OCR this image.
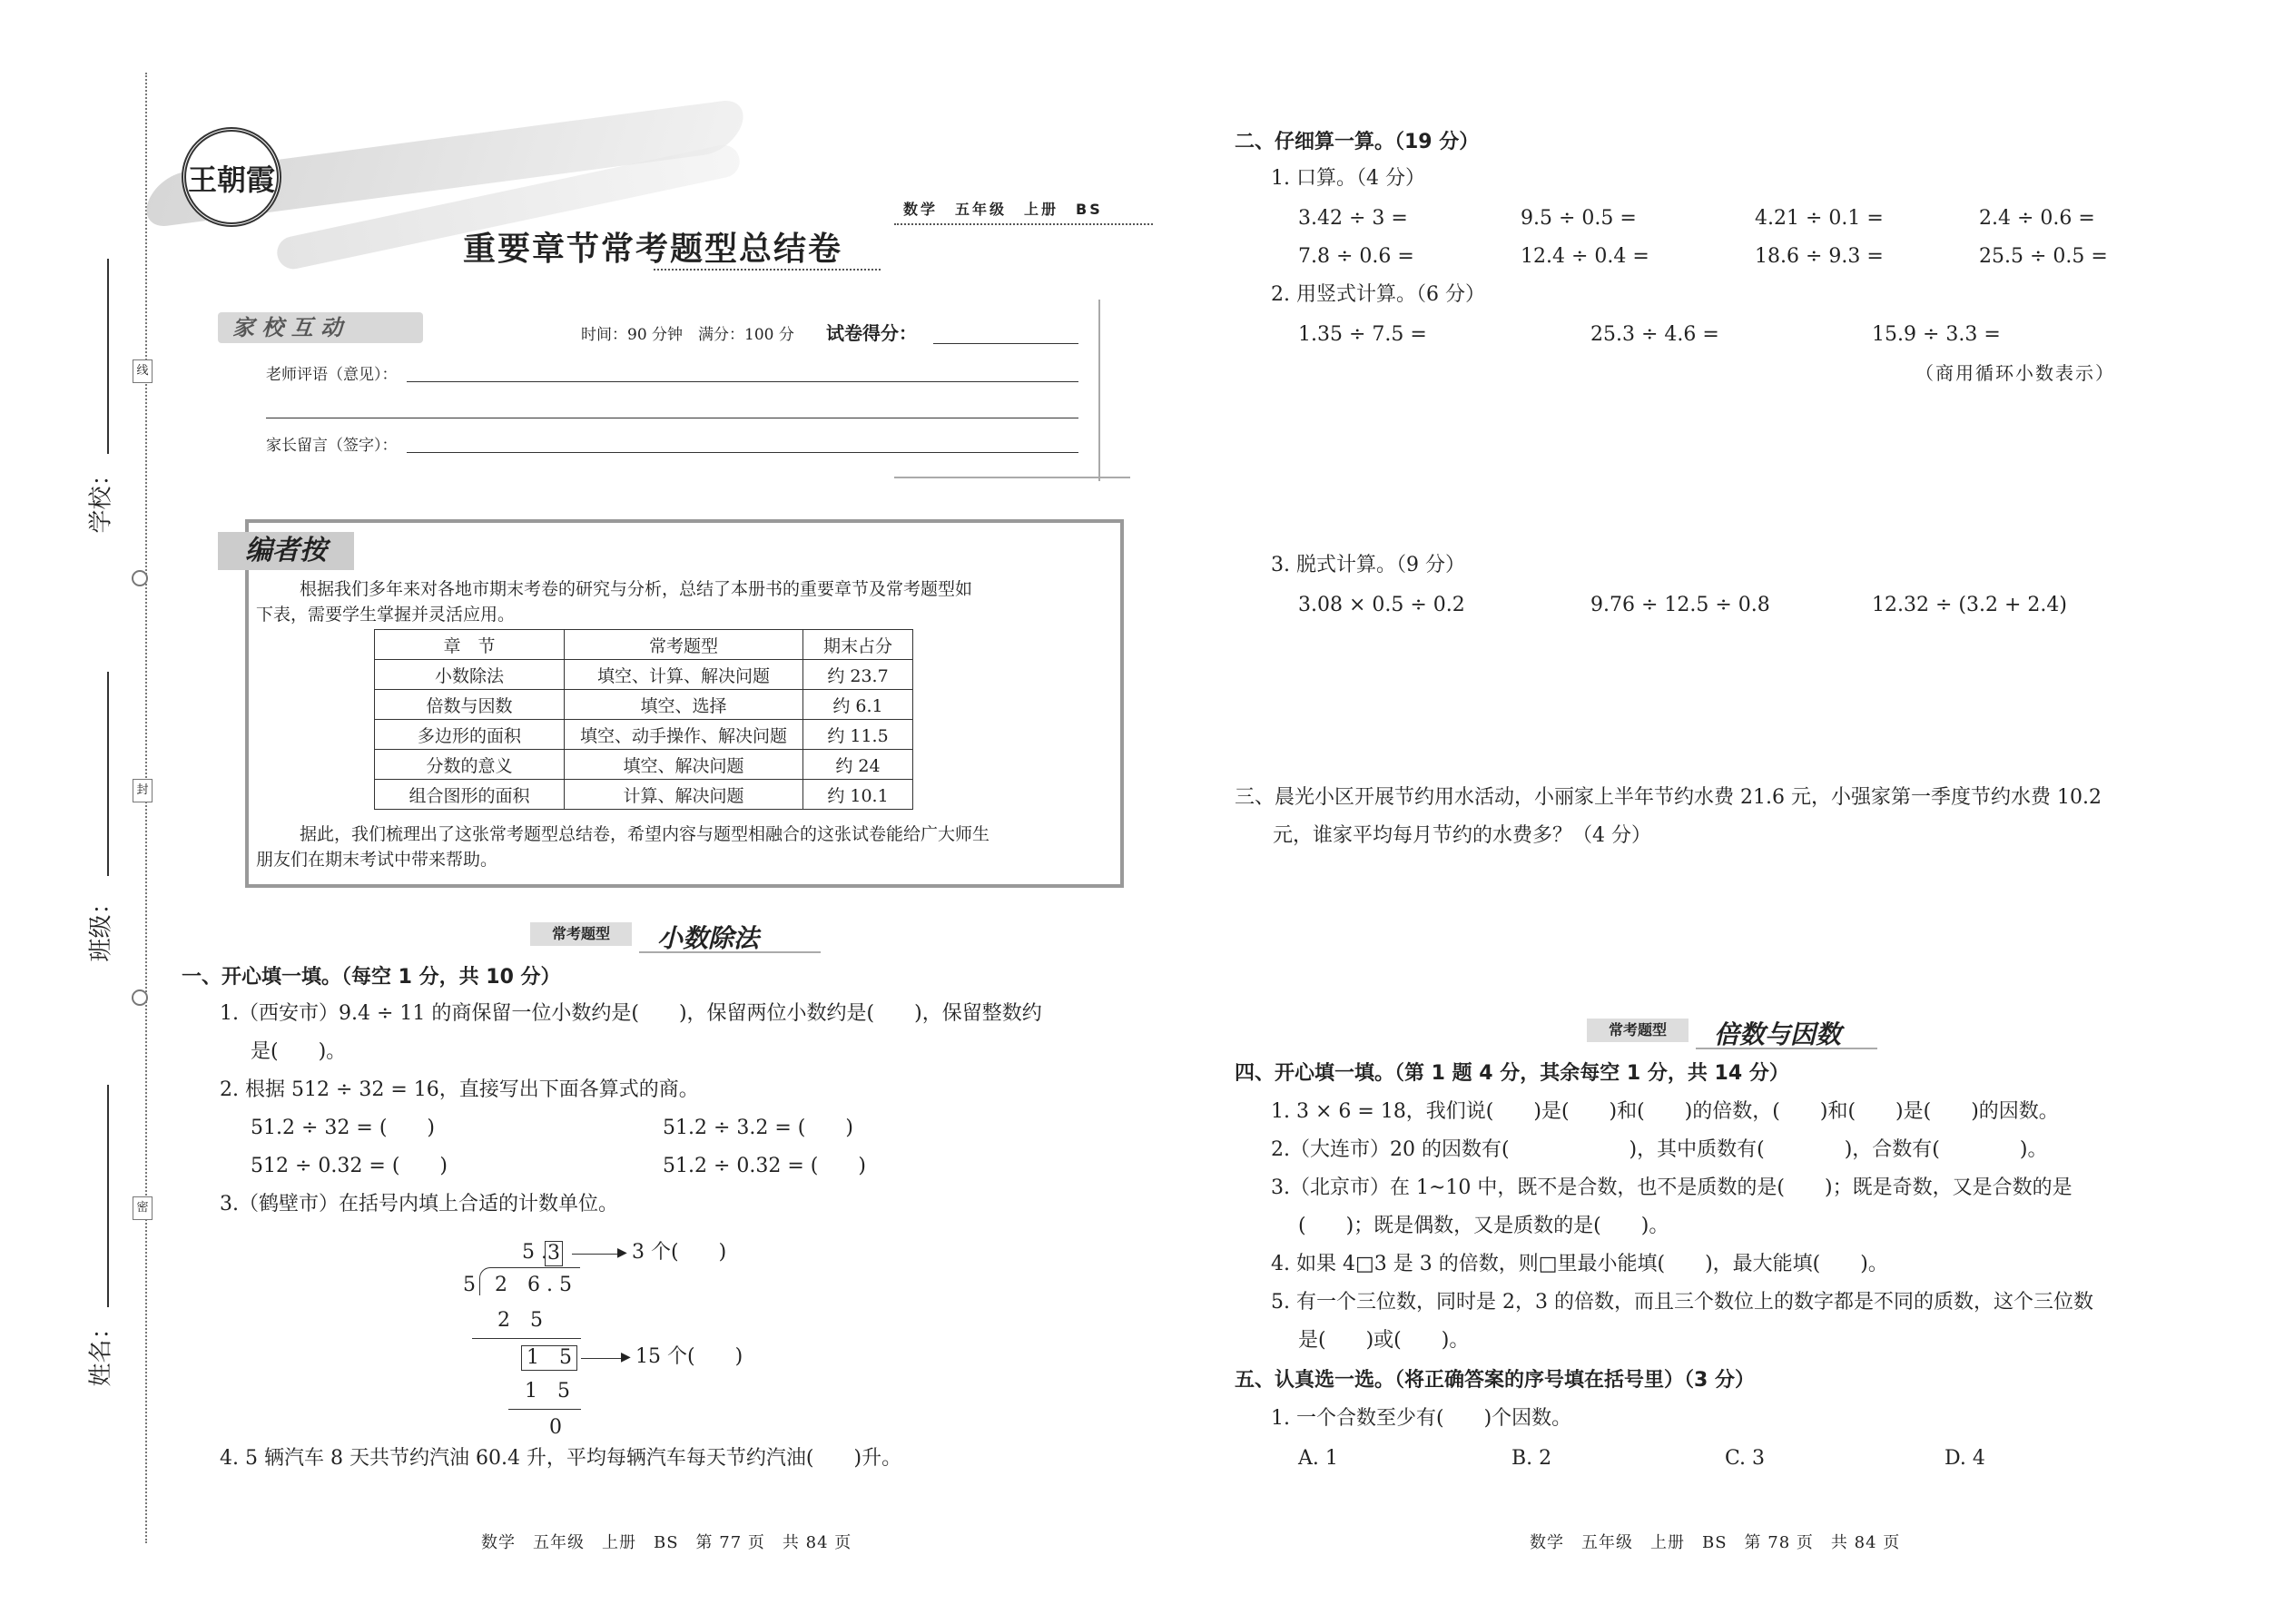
线
封
密
学校：
班级：
姓名：
王朝霞
数学　五年级　上册　BS
重要章节常考题型总结卷
家 校 互 动	时间：90 分钟　满分：100 分 试卷得分：
老师评语（意见）：
家长留言（签字）：
编者按
根据我们多年来对各地市期末考卷的研究与分析，总结了本册书的重要章节及常考题型如
下表，需要学生掌握并灵活应用。
章　节	常考题型	期末占分
小数除法	填空、计算、解决问题	约 23.7
倍数与因数	填空、选择	约 6.1
多边形的面积	填空、动手操作、解决问题	约 11.5
分数的意义	填空、解决问题	约 24
组合图形的面积	计算、解决问题	约 10.1
据此，我们梳理出了这张常考题型总结卷，希望内容与题型相融合的这张试卷能给广大师生
朋友们在期末考试中带来帮助。
常考题型	小数除法
一、开心填一填。（每空 1 分，共 10 分）
1.（西安市）9.4 ÷ 11 的商保留一位小数约是(　　)，保留两位小数约是(　　)，保留整数约
是(　　)。
2. 根据 512 ÷ 32 = 16，直接写出下面各算式的商。
51.2 ÷ 32 = (　　)	51.2 ÷ 3.2 = (　　)
512 ÷ 0.32 = (　　)	51.2 ÷ 0.32 = (　　)
3.（鹤壁市）在括号内填上合适的计数单位。
5 . 3	▶ 3 个(　　)
5 2　6 . 5
2　5
1　5	▶ 15 个(　　)
1　5
0
4. 5 辆汽车 8 天共节约汽油 60.4 升，平均每辆汽车每天节约汽油(　　)升。
数学　五年级　上册　BS　第 77 页　共 84 页
二、仔细算一算。（19 分）
1. 口算。（4 分）
3.42 ÷ 3 =	9.5 ÷ 0.5 =	4.21 ÷ 0.1 =	2.4 ÷ 0.6 =
7.8 ÷ 0.6 =	12.4 ÷ 0.4 =	18.6 ÷ 9.3 =	25.5 ÷ 0.5 =
2. 用竖式计算。（6 分）
1.35 ÷ 7.5 =	25.3 ÷ 4.6 =	15.9 ÷ 3.3 =
（商用循环小数表示）
3. 脱式计算。（9 分）
3.08 × 0.5 ÷ 0.2	9.76 ÷ 12.5 ÷ 0.8	12.32 ÷ (3.2 + 2.4)
三、晨光小区开展节约用水活动，小丽家上半年节约水费 21.6 元，小强家第一季度节约水费 10.2
元，谁家平均每月节约的水费多？（4 分）
常考题型	倍数与因数
四、开心填一填。（第 1 题 4 分，其余每空 1 分，共 14 分）
1. 3 × 6 = 18，我们说(　　)是(　　)和(　　)的倍数，(　　)和(　　)是(　　)的因数。
2.（大连市）20 的因数有(　　　　　　)，其中质数有(　　　　)，合数有(　　　　)。
3.（北京市）在 1~10 中，既不是合数，也不是质数的是(　　)；既是奇数，又是合数的是
(　　)；既是偶数，又是质数的是(　　)。
4. 如果 4□3 是 3 的倍数，则□里最小能填(　　)，最大能填(　　)。
5. 有一个三位数，同时是 2，3 的倍数，而且三个数位上的数字都是不同的质数，这个三位数
是(　　)或(　　)。
五、认真选一选。（将正确答案的序号填在括号里）（3 分）
1. 一个合数至少有(　　)个因数。
A. 1	B. 2	C. 3	D. 4
数学　五年级　上册　BS　第 78 页　共 84 页
